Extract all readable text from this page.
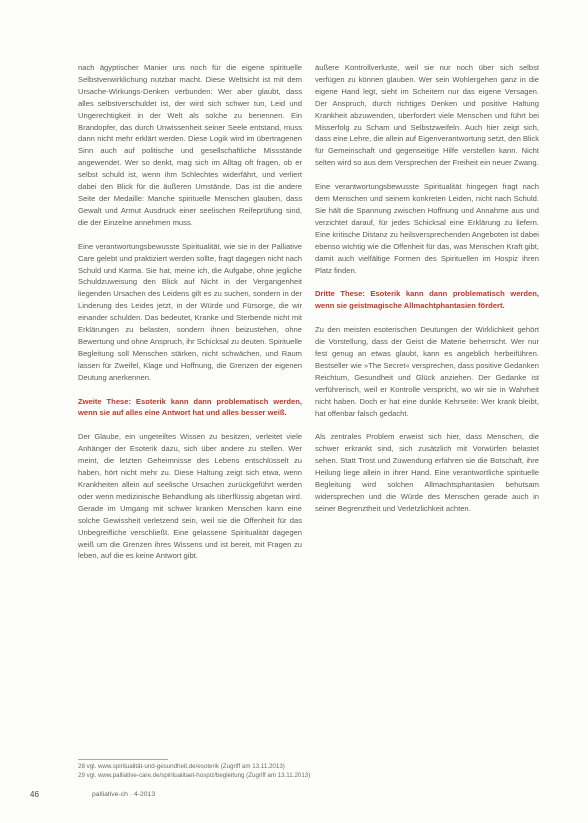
nach ägyptischer Manier uns noch für die eigene spirituelle Selbstverwirklichung nutzbar macht. Diese Weltsicht ist mit dem Ursache-Wirkungs-Denken verbunden: Wer aber glaubt, dass alles selbstverschuldet ist, der wird sich schwer tun, Leid und Ungerechtigkeit in der Welt als solche zu benennen. Ein Brandopfer, das durch Unwissenheit seiner Seele entstand, muss dann nicht mehr erklärt werden. Diese Logik wird im übertragenen Sinn auch auf politische und gesellschaftliche Missstände angewendet. Wer so denkt, mag sich im Alltag oft fragen, ob er selbst schuld ist, wenn ihm Schlechtes widerfährt, und verliert dabei den Blick für die äußeren Umstände. Das ist die andere Seite der Medaille: Manche spirituelle Menschen glauben, dass Gewalt und Armut Ausdruck einer seelischen Reifeprüfung sind, die der Einzelne annehmen muss.

Eine verantwortungsbewusste Spiritualität, wie sie in der Palliative Care gelebt und praktiziert werden sollte, fragt dagegen nicht nach Schuld und Karma. Sie hat, meine ich, die Aufgabe, ohne jegliche Schuldzuweisung den Blick auf Nicht in der Vergangenheit liegenden Ursachen des Leidens gilt es zu suchen, sondern in der Linderung des Leides jetzt, in der Würde und Fürsorge, die wir einander schulden. Das bedeutet, Kranke und Sterbende nicht mit Erklärungen zu belasten, sondern ihnen beizustehen, ohne Bewertung und ohne Anspruch, ihr Schicksal zu deuten. Spirituelle Begleitung soll Menschen stärken, nicht schwächen, und Raum lassen für Zweifel, Klage und Hoffnung, die Grenzen der eigenen Deutung anerkennen.

Zweite These: Esoterik kann dann problematisch werden, wenn sie auf alles eine Antwort hat und alles besser weiß.

Der Glaube, ein ungeteiltes Wissen zu besitzen, verleitet viele Anhänger der Esoterik dazu, sich über andere zu stellen. Wer meint, die letzten Geheimnisse des Lebens entschlüsselt zu haben, hört nicht mehr zu. Diese Haltung zeigt sich etwa, wenn Krankheiten allein auf seelische Ursachen zurückgeführt werden oder wenn medizinische Behandlung als überflüssig abgetan wird. Gerade im Umgang mit schwer kranken Menschen kann eine solche Gewissheit verletzend sein, weil sie die Offenheit für das Unbegreifliche verschließt. Eine gelassene Spiritualität dagegen weiß um die Grenzen ihres Wissens und ist bereit, mit Fragen zu leben, auf die es keine Antwort gibt.

äußere Kontrollverluste, weil sie nur noch über sich selbst verfügen zu können glauben. Wer sein Wohlergehen ganz in die eigene Hand legt, sieht im Scheitern nur das eigene Versagen. Der Anspruch, durch richtiges Denken und positive Haltung Krankheit abzuwenden, überfordert viele Menschen und führt bei Misserfolg zu Scham und Selbstzweifeln. Auch hier zeigt sich, dass eine Lehre, die allein auf Eigenverantwortung setzt, den Blick für Gemeinschaft und gegenseitige Hilfe verstellen kann. Nicht selten wird so aus dem Versprechen der Freiheit ein neuer Zwang.

Eine verantwortungsbewusste Spiritualität hingegen fragt nach dem Menschen und seinem konkreten Leiden, nicht nach Schuld. Sie hält die Spannung zwischen Hoffnung und Annahme aus und verzichtet darauf, für jedes Schicksal eine Erklärung zu liefern. Eine kritische Distanz zu heilsversprechenden Angeboten ist dabei ebenso wichtig wie die Offenheit für das, was Menschen Kraft gibt, damit auch vielfältige Formen des Spirituellen im Hospiz ihren Platz finden.

Dritte These: Esoterik kann dann problematisch werden, wenn sie geistmagische Allmachtphantasien fördert.

Zu den meisten esoterischen Deutungen der Wirklichkeit gehört die Vorstellung, dass der Geist die Materie beherrscht. Wer nur fest genug an etwas glaubt, kann es angeblich herbeiführen. Bestseller wie »The Secret« versprechen, dass positive Gedanken Reichtum, Gesundheit und Glück anziehen. Der Gedanke ist verführerisch, weil er Kontrolle verspricht, wo wir sie in Wahrheit nicht haben. Doch er hat eine dunkle Kehrseite: Wer krank bleibt, hat offenbar falsch gedacht.

Als zentrales Problem erweist sich hier, dass Menschen, die schwer erkrankt sind, sich zusätzlich mit Vorwürfen belastet sehen. Statt Trost und Zuwendung erfahren sie die Botschaft, ihre Heilung liege allein in ihrer Hand. Eine verantwortliche spirituelle Begleitung wird solchen Allmachtsphantasien behutsam widersprechen und die Würde des Menschen gerade auch in seiner Begrenztheit und Verletzlichkeit achten.

28 vgl. www.spiritualität-und-gesundheit.de/esoterik (Zugriff am 13.11.2013)
29 vgl. www.palliative-care.de/spiritualitaet-hospiz/begleitung (Zugriff am 13.11.2013)
46	palliative-ch · 4-2013
